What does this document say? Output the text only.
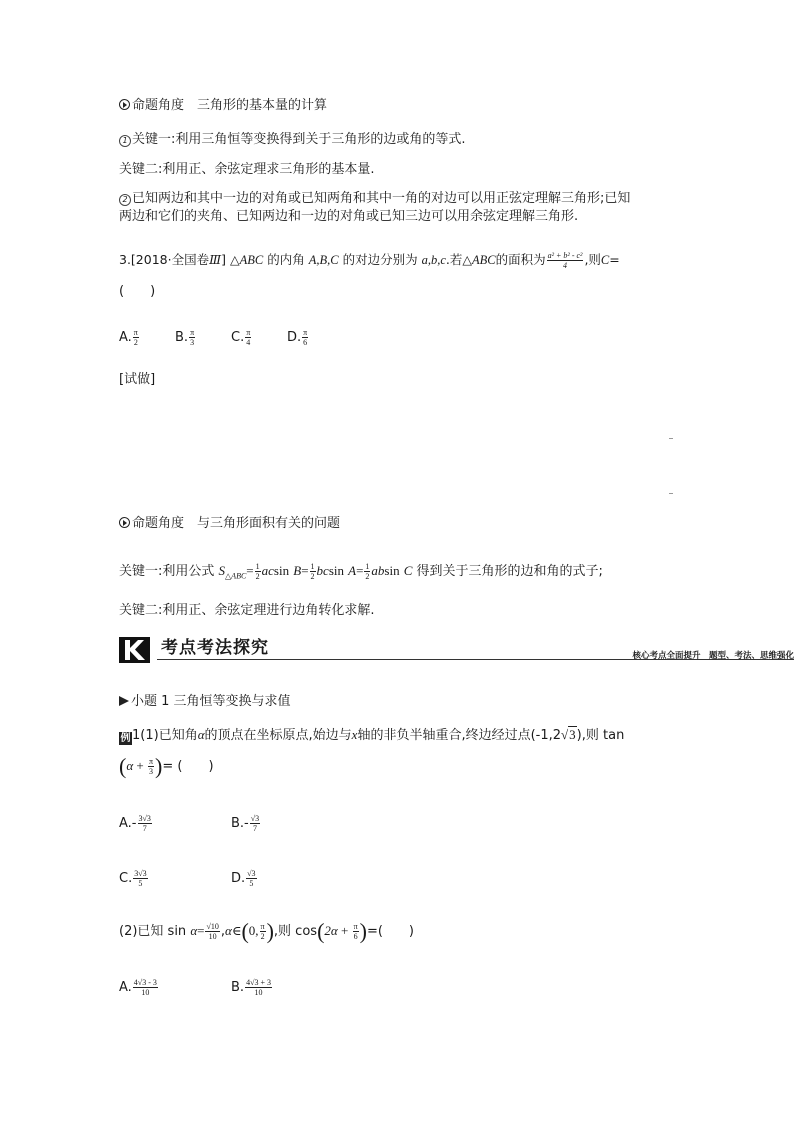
命题角度　三角形的基本量的计算
1 关键一:利用三角恒等变换得到关于三角形的边或角的等式.
关键二:利用正、余弦定理求三角形的基本量.
2 已知两边和其中一边的对角或已知两角和其中一角的对边可以用正弦定理解三角形;已知
两边和它们的夹角、已知两边和一边的对角或已知三边可以用余弦定理解三角形.
3.[2018·全国卷Ⅲ] △ABC 的内角 A,B,C 的对边分别为 a,b,c.若△ABC的面积为 $\frac{\text{a² + b² - c²}}{4}$ ,则C=
(　　)
A. $\frac{\pi}{2}$	B. $\frac{\pi}{3}$	C. $\frac{\pi}{4}$	D. $\frac{\pi}{6}$
[试做]
命题角度　与三角形面积有关的问题
关键一:利用公式 $S_{\triangle ABC}= \frac{1}{2}$ acsin $B= \frac{1}{2}$ bcsin $A= \frac{1}{2}$ absin C 得到关于三角形的边和角的式子;
关键二:利用正、余弦定理进行边角转化求解.
考点考法探究	核心考点全面提升　题型、考法、思维强化
小题 1 三角恒等变换与求值
例 1(1)已知角α的顶点在坐标原点,始边与x轴的非负半轴重合,终边经过点(-1,2√3),则 tan
($\alpha + \frac{\pi}{3}$ )= (　　)
$A.- \frac{3√3}{7}$	$B.- \frac{√3}{7}$
C. $\frac{3√3}{5}$	D. $\frac{√3}{5}$
(2)已知 $\sin \alpha= \frac{√10}{10}$ ,α∈(0, $\frac{\pi}{2}$ ),则 $\cos(2\alpha + \frac{\pi}{6}$ )=(　　)
A. $\frac{4√3 - 3}{10}$	B. $\frac{4√3 + 3}{10}$
